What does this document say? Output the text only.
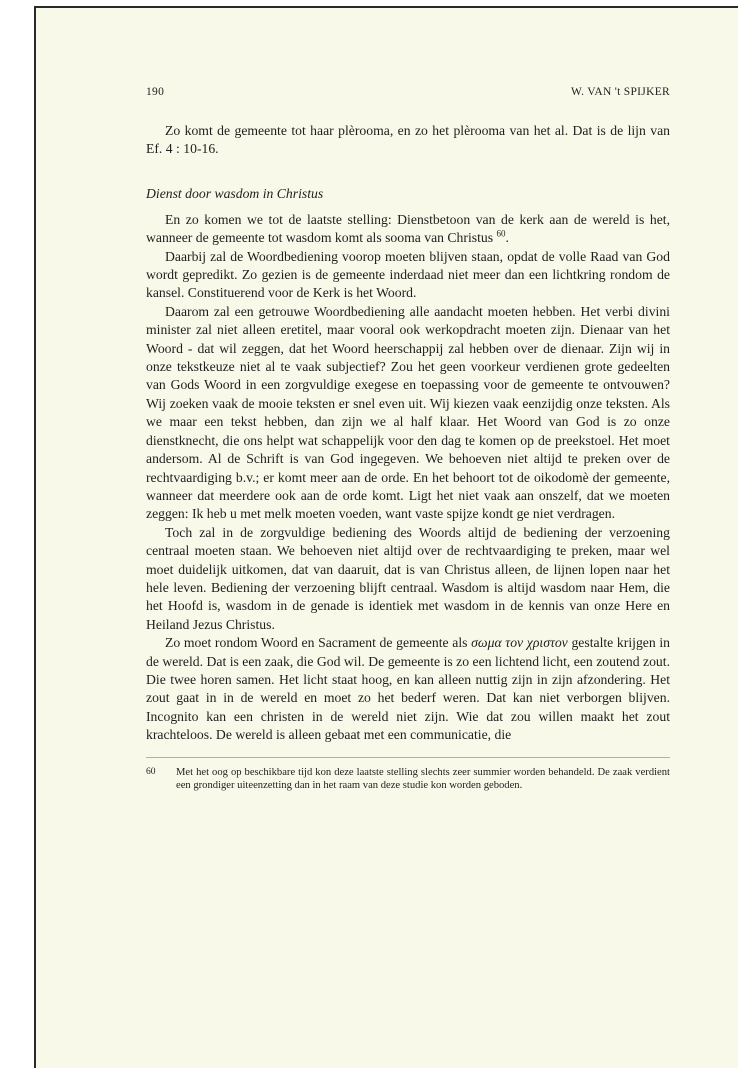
190	W. VAN 't SPIJKER

Zo komt de gemeente tot haar plèrooma, en zo het plèrooma van het al. Dat is de lijn van Ef. 4 : 10-16.

Dienst door wasdom in Christus

En zo komen we tot de laatste stelling: Dienstbetoon van de kerk aan de wereld is het, wanneer de gemeente tot wasdom komt als sooma van Christus $^{60}$.

Daarbij zal de Woordbediening voorop moeten blijven staan, opdat de volle Raad van God wordt gepredikt. Zo gezien is de gemeente inderdaad niet meer dan een lichtkring rondom de kansel. Constituerend voor de Kerk is het Woord.

Daarom zal een getrouwe Woordbediening alle aandacht moeten hebben. Het verbi divini minister zal niet alleen eretitel, maar vooral ook werkopdracht moeten zijn. Dienaar van het Woord - dat wil zeggen, dat het Woord heerschappij zal hebben over de dienaar. Zijn wij in onze tekstkeuze niet al te vaak subjectief? Zou het geen voorkeur verdienen grote gedeelten van Gods Woord in een zorgvuldige exegese en toepassing voor de gemeente te ontvouwen? Wij zoeken vaak de mooie teksten er snel even uit. Wij kiezen vaak eenzijdig onze teksten. Als we maar een tekst hebben, dan zijn we al half klaar. Het Woord van God is zo onze dienstknecht, die ons helpt wat schappelijk voor den dag te komen op de preekstoel. Het moet andersom. Al de Schrift is van God ingegeven. We behoeven niet altijd te preken over de rechtvaardiging b.v.; er komt meer aan de orde. En het behoort tot de oikodomè der gemeente, wanneer dat meerdere ook aan de orde komt. Ligt het niet vaak aan onszelf, dat we moeten zeggen: Ik heb u met melk moeten voeden, want vaste spijze kondt ge niet verdragen.

Toch zal in de zorgvuldige bediening des Woords altijd de bediening der verzoening centraal moeten staan. We behoeven niet altijd over de rechtvaardiging te preken, maar wel moet duidelijk uitkomen, dat van daaruit, dat is van Christus alleen, de lijnen lopen naar het hele leven. Bediening der verzoening blijft centraal. Wasdom is altijd wasdom naar Hem, die het Hoofd is, wasdom in de genade is identiek met wasdom in de kennis van onze Here en Heiland Jezus Christus.

Zo moet rondom Woord en Sacrament de gemeente als σωμα τον χριστον gestalte krijgen in de wereld. Dat is een zaak, die God wil. De gemeente is zo een lichtend licht, een zoutend zout. Die twee horen samen. Het licht staat hoog, en kan alleen nuttig zijn in zijn afzondering. Het zout gaat in in de wereld en moet zo het bederf weren. Dat kan niet verborgen blijven. Incognito kan een christen in de wereld niet zijn. Wie dat zou willen maakt het zout krachteloos. De wereld is alleen gebaat met een communicatie, die

60 Met het oog op beschikbare tijd kon deze laatste stelling slechts zeer summier worden behandeld. De zaak verdient een grondiger uiteenzetting dan in het raam van deze studie kon worden geboden.
